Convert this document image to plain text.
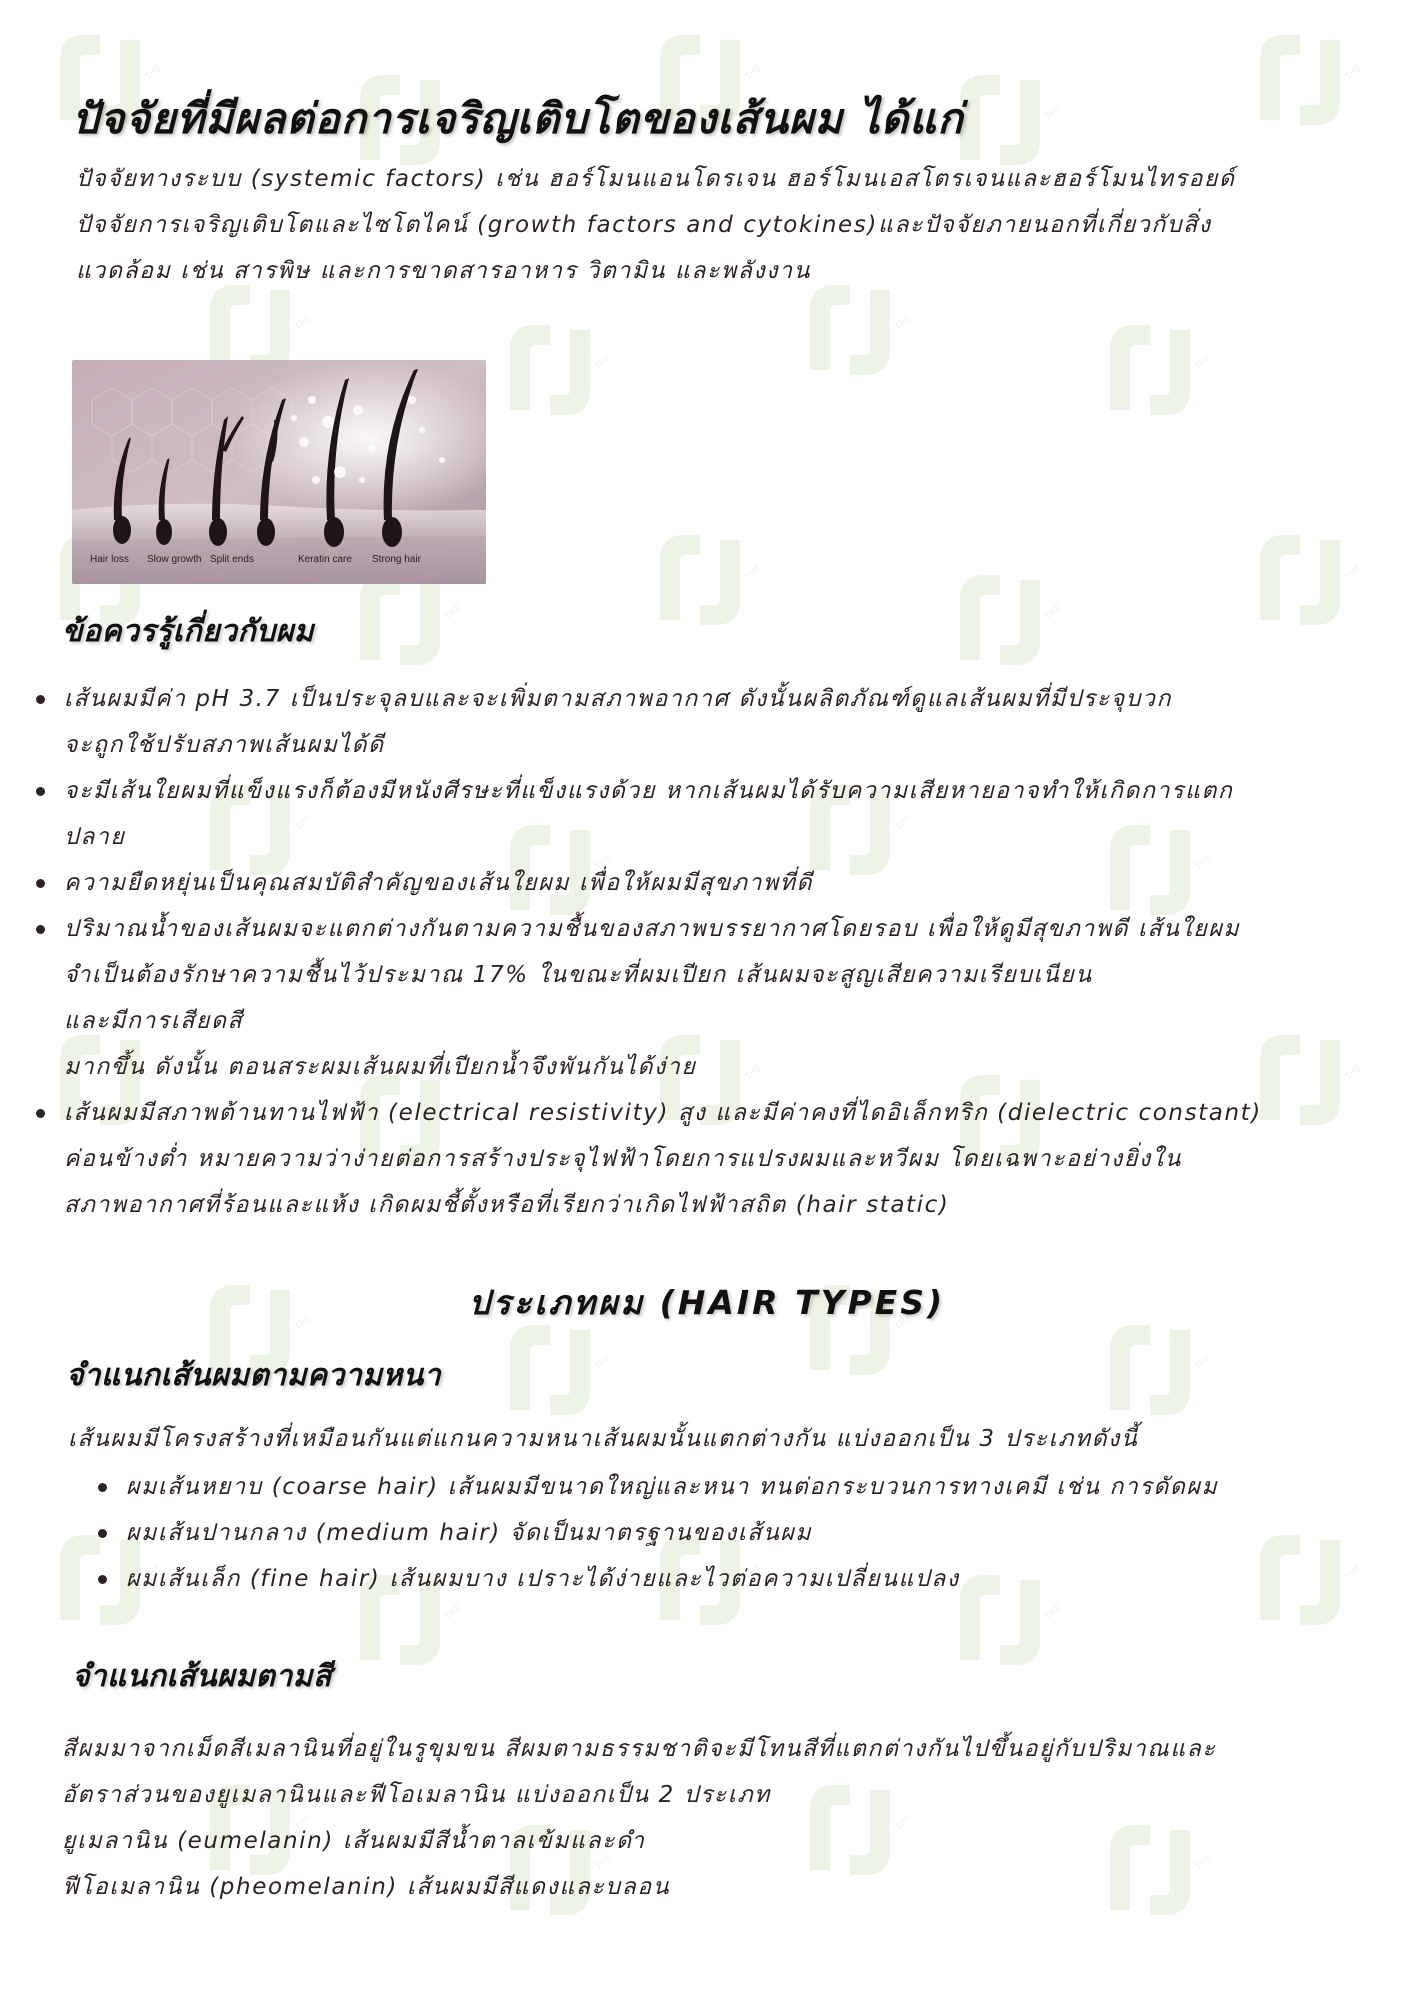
THE
THE
THE
THE
THE
THE
THE
THE
THE
THE
THE
THE
THE
THE
THE
THE
THE
THE
THE
THE
THE
THE
THE
THE
THE
THE
THE
THE
THE
THE
THE
THE
THE
THE
THE
ปัจจัยที่มีผลต่อการเจริญเติบโตของเส้นผม ได้แก่
ปัจจัยทางระบบ (systemic factors) เช่น ฮอร์โมนแอนโดรเจน ฮอร์โมนเอสโตรเจนและฮอร์โมนไทรอยด์
ปัจจัยการเจริญเติบโตและไซโตไคน์ (growth factors and cytokines)และปัจจัยภายนอกที่เกี่ยวกับสิ่ง
แวดล้อม เช่น สารพิษ และการขาดสารอาหาร วิตามิน และพลังงาน
Hair loss Slow growth Split ends	Keratin care Strong hair
ข้อควรรู้เกี่ยวกับผม
เส้นผมมีค่า pH 3.7 เป็นประจุลบและจะเพิ่มตามสภาพอากาศ ดังนั้นผลิตภัณฑ์ดูแลเส้นผมที่มีประจุบวก
จะถูกใช้ปรับสภาพเส้นผมได้ดี
จะมีเส้นใยผมที่แข็งแรงก็ต้องมีหนังศีรษะที่แข็งแรงด้วย หากเส้นผมได้รับความเสียหายอาจทำให้เกิดการแตก
ปลาย
ความยืดหยุ่นเป็นคุณสมบัติสำคัญของเส้นใยผม เพื่อให้ผมมีสุขภาพที่ดี
ปริมาณน้ำของเส้นผมจะแตกต่างกันตามความชื้นของสภาพบรรยากาศโดยรอบ เพื่อให้ดูมีสุขภาพดี เส้นใยผม
จำเป็นต้องรักษาความชื้นไว้ประมาณ 17% ในขณะที่ผมเปียก เส้นผมจะสูญเสียความเรียบเนียน
และมีการเสียดสี
มากขึ้น ดังนั้น ตอนสระผมเส้นผมที่เปียกน้ำจึงพันกันได้ง่าย
เส้นผมมีสภาพต้านทานไฟฟ้า (electrical resistivity) สูง และมีค่าคงที่ไดอิเล็กทริก (dielectric constant)
ค่อนข้างต่ำ หมายความว่าง่ายต่อการสร้างประจุไฟฟ้าโดยการแปรงผมและหวีผม โดยเฉพาะอย่างยิ่งใน
สภาพอากาศที่ร้อนและแห้ง เกิดผมชี้ตั้งหรือที่เรียกว่าเกิดไฟฟ้าสถิต (hair static)
ประเภทผม (HAIR TYPES)
จำแนกเส้นผมตามความหนา
เส้นผมมีโครงสร้างที่เหมือนกันแต่แกนความหนาเส้นผมนั้นแตกต่างกัน แบ่งออกเป็น 3 ประเภทดังนี้
ผมเส้นหยาบ (coarse hair) เส้นผมมีขนาดใหญ่และหนา ทนต่อกระบวนการทางเคมี เช่น การดัดผม
ผมเส้นปานกลาง (medium hair) จัดเป็นมาตรฐานของเส้นผม
ผมเส้นเล็ก (fine hair) เส้นผมบาง เปราะได้ง่ายและไวต่อความเปลี่ยนแปลง
จำแนกเส้นผมตามสี
สีผมมาจากเม็ดสีเมลานินที่อยู่ในรูขุมขน สีผมตามธรรมชาติจะมีโทนสีที่แตกต่างกันไปขึ้นอยู่กับปริมาณและ
อัตราส่วนของยูเมลานินและฟีโอเมลานิน แบ่งออกเป็น 2 ประเภท
ยูเมลานิน (eumelanin) เส้นผมมีสีน้ำตาลเข้มและดำ
ฟีโอเมลานิน (pheomelanin) เส้นผมมีสีแดงและบลอน
